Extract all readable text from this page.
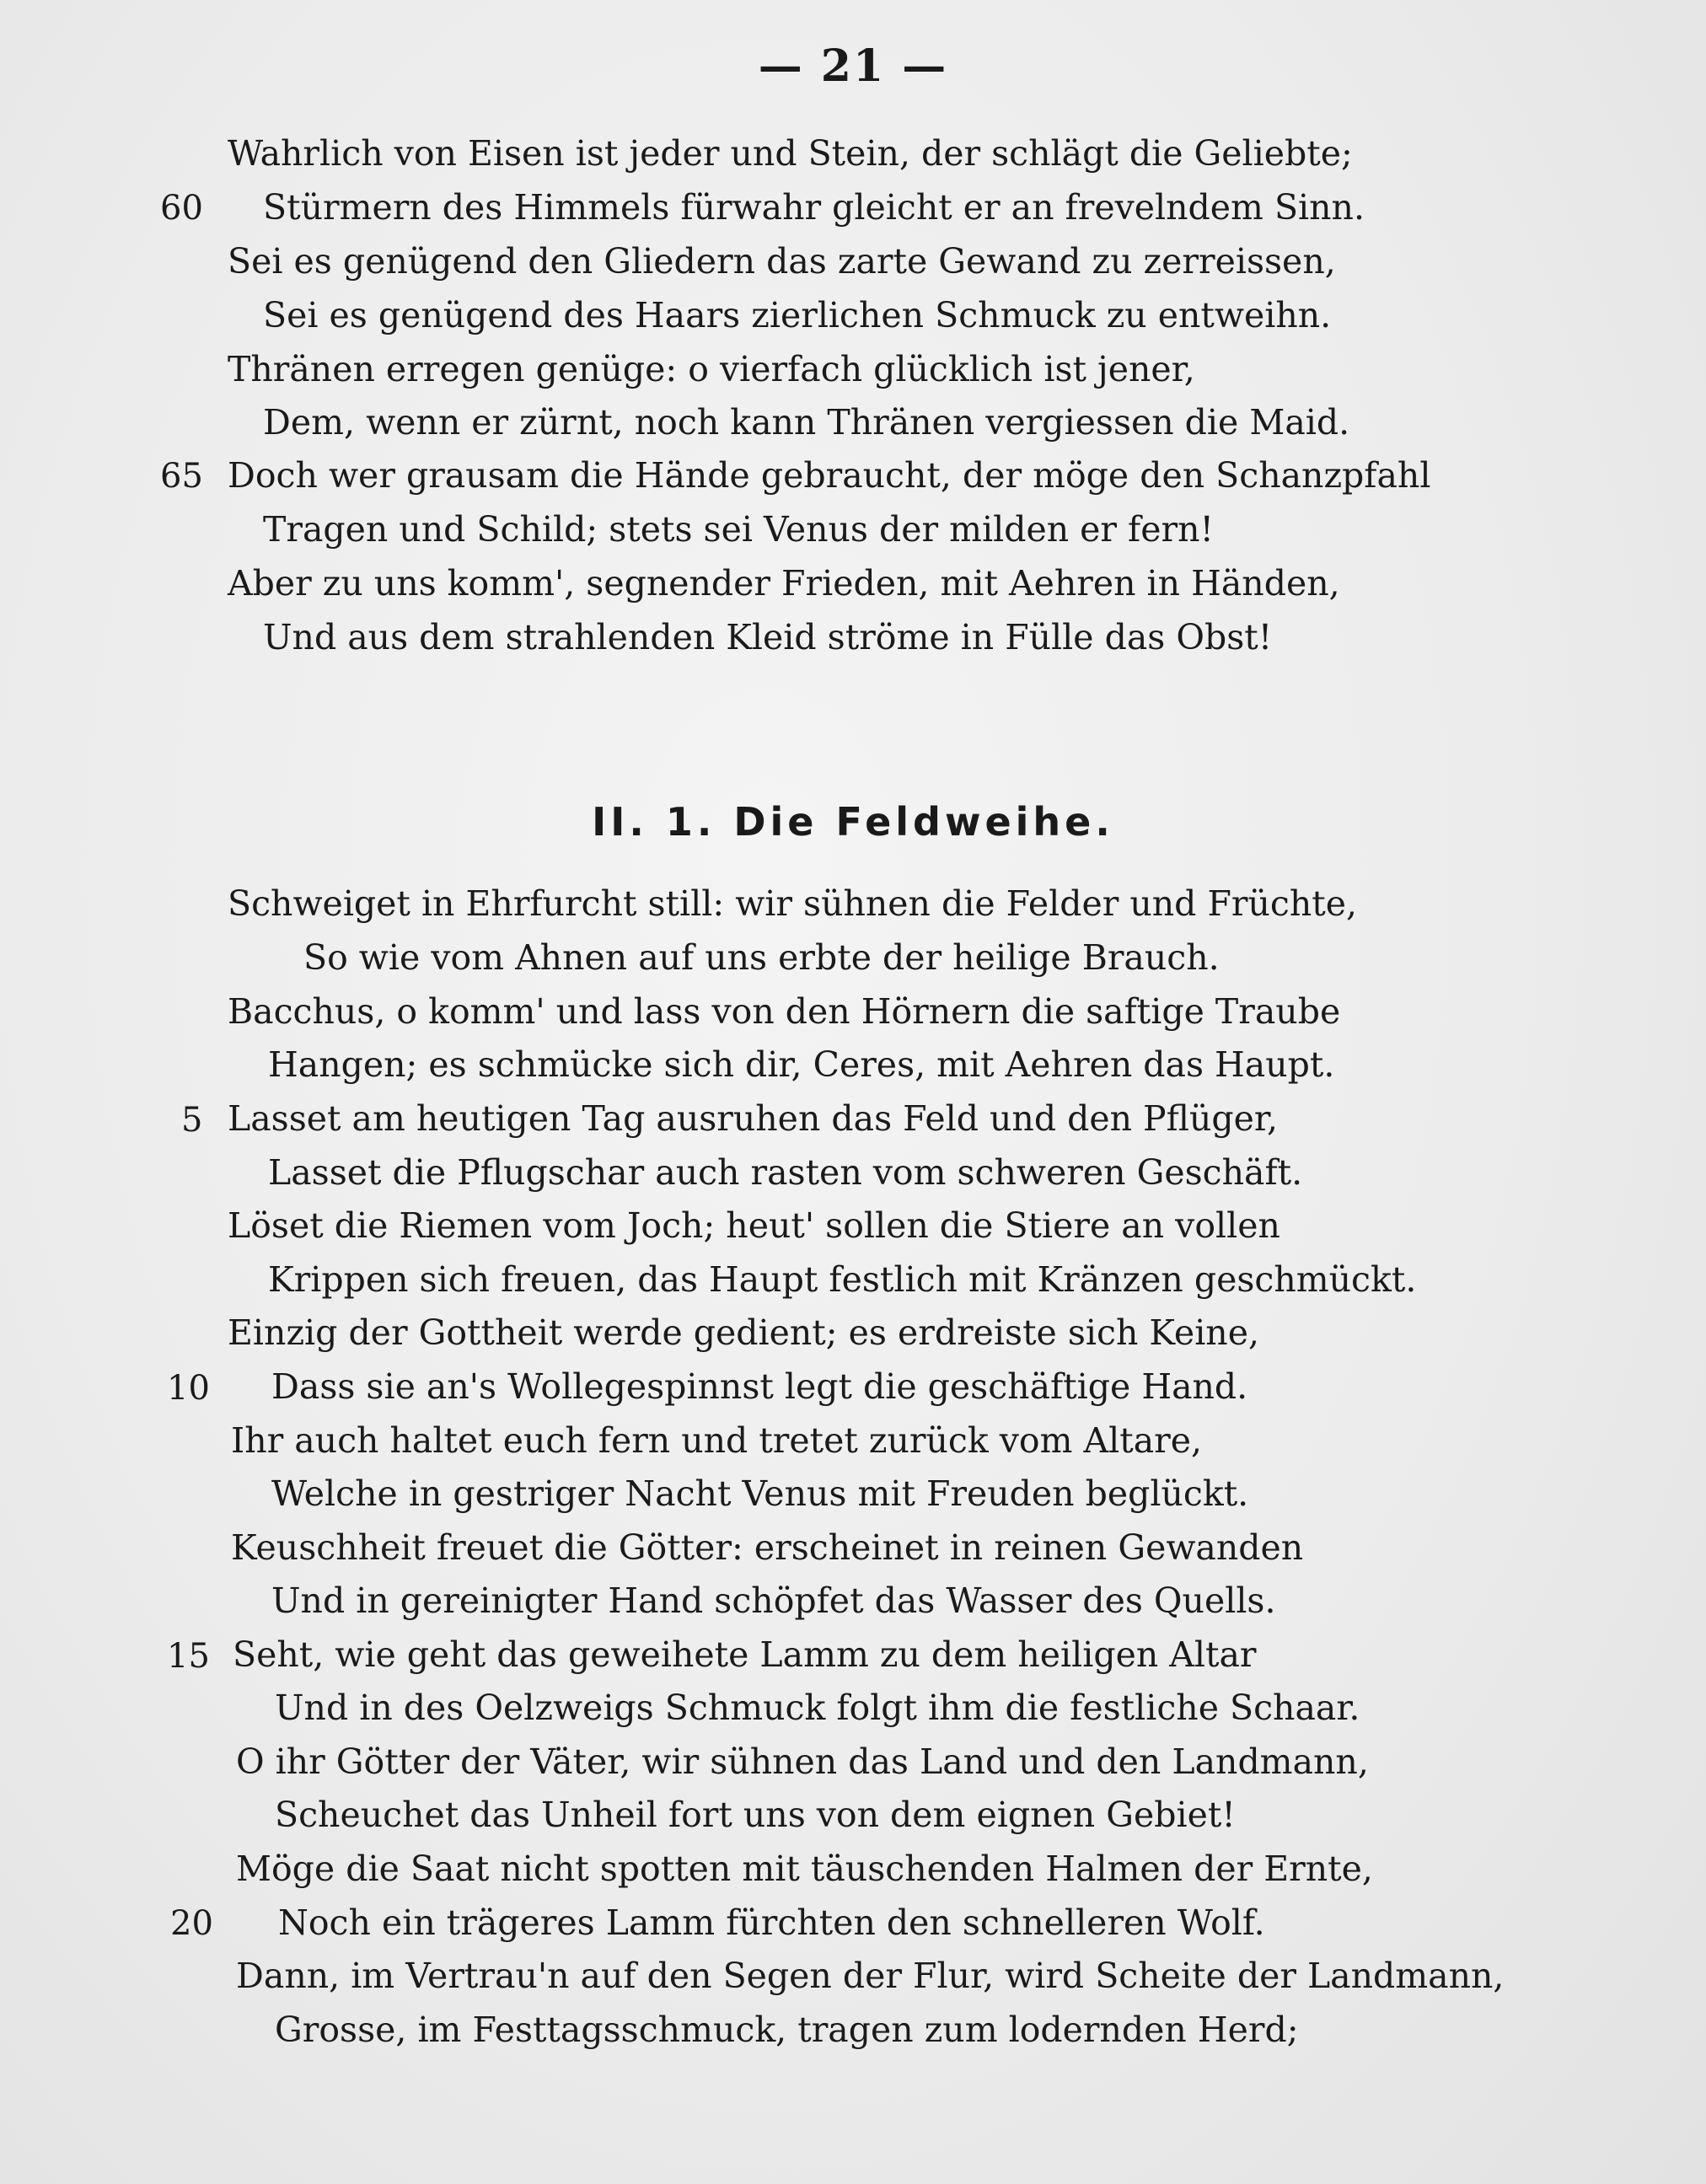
— 21 —
Wahrlich von Eisen ist jeder und Stein, der schlägt die Geliebte;
60 Stürmern des Himmels fürwahr gleicht er an frevelndem Sinn.
Sei es genügend den Gliedern das zarte Gewand zu zerreissen,
Sei es genügend des Haars zierlichen Schmuck zu entweihn.
Thränen erregen genüge: o vierfach glücklich ist jener,
Dem, wenn er zürnt, noch kann Thränen vergiessen die Maid.
65 Doch wer grausam die Hände gebraucht, der möge den Schanzpfahl
Tragen und Schild; stets sei Venus der milden er fern!
Aber zu uns komm', segnender Frieden, mit Aehren in Händen,
Und aus dem strahlenden Kleid ströme in Fülle das Obst!
II. 1. Die Feldweihe.
Schweiget in Ehrfurcht still: wir sühnen die Felder und Früchte,
So wie vom Ahnen auf uns erbte der heilige Brauch.
Bacchus, o komm' und lass von den Hörnern die saftige Traube
Hangen; es schmücke sich dir, Ceres, mit Aehren das Haupt.
5 Lasset am heutigen Tag ausruhen das Feld und den Pflüger,
Lasset die Pflugschar auch rasten vom schweren Geschäft.
Löset die Riemen vom Joch; heut' sollen die Stiere an vollen
Krippen sich freuen, das Haupt festlich mit Kränzen geschmückt.
Einzig der Gottheit werde gedient; es erdreiste sich Keine,
10 Dass sie an's Wollegespinnst legt die geschäftige Hand.
Ihr auch haltet euch fern und tretet zurück vom Altare,
Welche in gestriger Nacht Venus mit Freuden beglückt.
Keuschheit freuet die Götter: erscheinet in reinen Gewanden
Und in gereinigter Hand schöpfet das Wasser des Quells.
15 Seht, wie geht das geweihete Lamm zu dem heiligen Altar
Und in des Oelzweigs Schmuck folgt ihm die festliche Schaar.
O ihr Götter der Väter, wir sühnen das Land und den Landmann,
Scheuchet das Unheil fort uns von dem eignen Gebiet!
Möge die Saat nicht spotten mit täuschenden Halmen der Ernte,
20 Noch ein trägeres Lamm fürchten den schnelleren Wolf.
Dann, im Vertrau'n auf den Segen der Flur, wird Scheite der Landmann,
Grosse, im Festtagsschmuck, tragen zum lodernden Herd;
